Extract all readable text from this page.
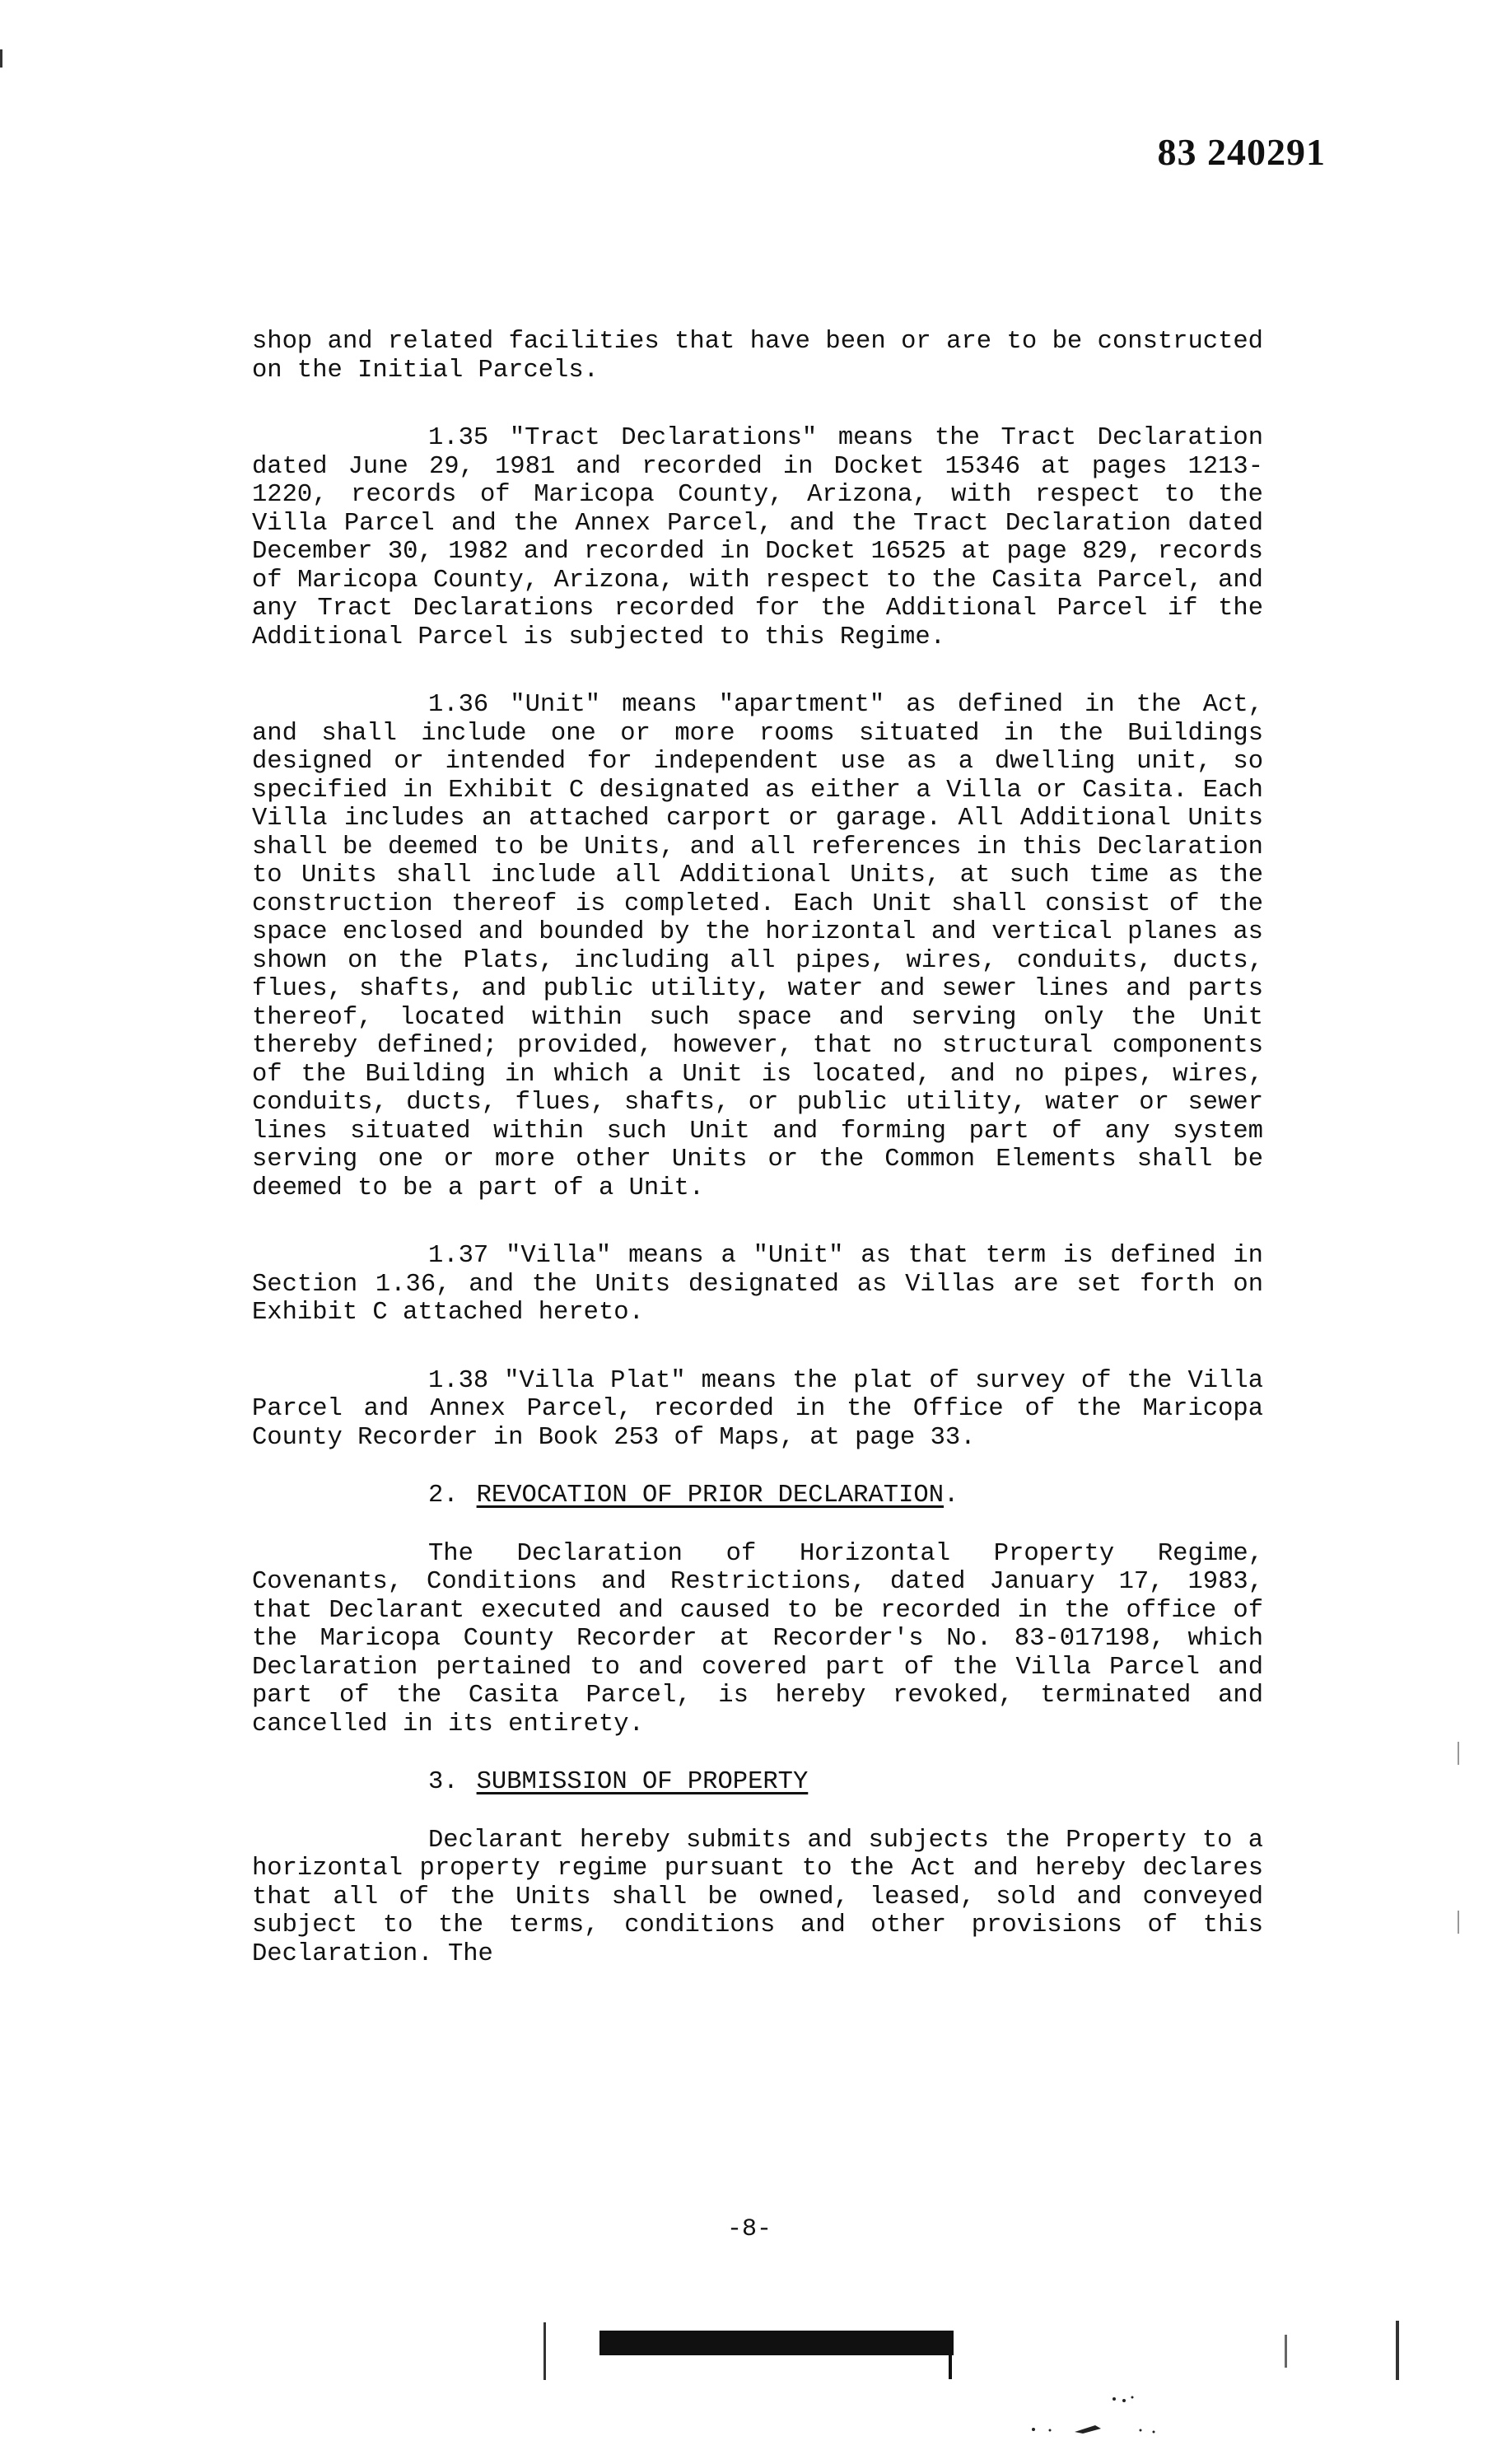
83 240291

shop and related facilities that have been or are to be constructed on the Initial Parcels.

1.35 "Tract Declarations" means the Tract Declaration dated June 29, 1981 and recorded in Docket 15346 at pages 1213-1220, records of Maricopa County, Arizona, with respect to the Villa Parcel and the Annex Parcel, and the Tract Declaration dated December 30, 1982 and recorded in Docket 16525 at page 829, records of Maricopa County, Arizona, with respect to the Casita Parcel, and any Tract Declarations recorded for the Additional Parcel if the Additional Parcel is subjected to this Regime.

1.36 "Unit" means "apartment" as defined in the Act, and shall include one or more rooms situated in the Buildings designed or intended for independent use as a dwelling unit, so specified in Exhibit C designated as either a Villa or Casita. Each Villa includes an attached carport or garage. All Additional Units shall be deemed to be Units, and all references in this Declaration to Units shall include all Additional Units, at such time as the construction thereof is completed. Each Unit shall consist of the space enclosed and bounded by the horizontal and vertical planes as shown on the Plats, including all pipes, wires, conduits, ducts, flues, shafts, and public utility, water and sewer lines and parts thereof, located within such space and serving only the Unit thereby defined; provided, however, that no structural components of the Building in which a Unit is located, and no pipes, wires, conduits, ducts, flues, shafts, or public utility, water or sewer lines situated within such Unit and forming part of any system serving one or more other Units or the Common Elements shall be deemed to be a part of a Unit.

1.37 "Villa" means a "Unit" as that term is defined in Section 1.36, and the Units designated as Villas are set forth on Exhibit C attached hereto.

1.38 "Villa Plat" means the plat of survey of the Villa Parcel and Annex Parcel, recorded in the Office of the Maricopa County Recorder in Book 253 of Maps, at page 33.

2. REVOCATION OF PRIOR DECLARATION.

The Declaration of Horizontal Property Regime, Covenants, Conditions and Restrictions, dated January 17, 1983, that Declarant executed and caused to be recorded in the office of the Maricopa County Recorder at Recorder's No. 83-017198, which Declaration pertained to and covered part of the Villa Parcel and part of the Casita Parcel, is hereby revoked, terminated and cancelled in its entirety.

3. SUBMISSION OF PROPERTY

Declarant hereby submits and subjects the Property to a horizontal property regime pursuant to the Act and hereby declares that all of the Units shall be owned, leased, sold and conveyed subject to the terms, conditions and other provisions of this Declaration. The

-8-
